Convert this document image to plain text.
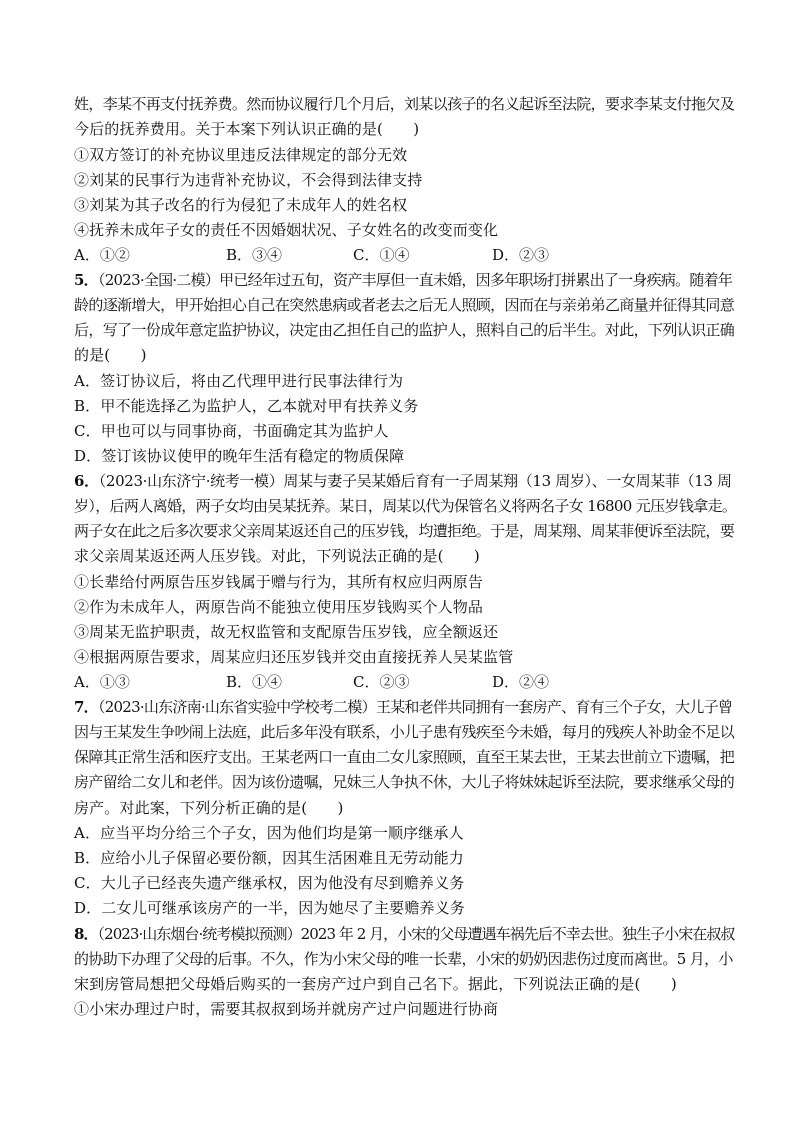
姓，李某不再支付抚养费。然而协议履行几个月后，刘某以孩子的名义起诉至法院，要求李某支付拖欠及
今后的抚养费用。关于本案下列认识正确的是(　　)
①双方签订的补充协议里违反法律规定的部分无效
②刘某的民事行为违背补充协议，不会得到法律支持
③刘某为其子改名的行为侵犯了未成年人的姓名权
④抚养未成年子女的责任不因婚姻状况、子女姓名的改变而变化
A．①②	B．③④	C．①④	D．②③
5．（2023·全国·二模）甲已经年过五旬，资产丰厚但一直未婚，因多年职场打拼累出了一身疾病。随着年
龄的逐渐增大，甲开始担心自己在突然患病或者老去之后无人照顾，因而在与亲弟弟乙商量并征得其同意
后，写了一份成年意定监护协议，决定由乙担任自己的监护人，照料自己的后半生。对此，下列认识正确
的是(　　)
A．签订协议后，将由乙代理甲进行民事法律行为
B．甲不能选择乙为监护人，乙本就对甲有扶养义务
C．甲也可以与同事协商，书面确定其为监护人
D．签订该协议使甲的晚年生活有稳定的物质保障
6．（2023·山东济宁·统考一模）周某与妻子吴某婚后育有一子周某翔（13 周岁）、一女周某菲（13 周
岁），后两人离婚，两子女均由吴某抚养。某日，周某以代为保管名义将两名子女 16800 元压岁钱拿走。
两子女在此之后多次要求父亲周某返还自己的压岁钱，均遭拒绝。于是，周某翔、周某菲便诉至法院，要
求父亲周某返还两人压岁钱。对此，下列说法正确的是(　　)
①长辈给付两原告压岁钱属于赠与行为，其所有权应归两原告
②作为未成年人，两原告尚不能独立使用压岁钱购买个人物品
③周某无监护职责，故无权监管和支配原告压岁钱，应全额返还
④根据两原告要求，周某应归还压岁钱并交由直接抚养人吴某监管
A．①③	B．①④	C．②③	D．②④
7．（2023·山东济南·山东省实验中学校考二模）王某和老伴共同拥有一套房产、育有三个子女，大儿子曾
因与王某发生争吵闹上法庭，此后多年没有联系，小儿子患有残疾至今未婚，每月的残疾人补助金不足以
保障其正常生活和医疗支出。王某老两口一直由二女儿家照顾，直至王某去世，王某去世前立下遗嘱，把
房产留给二女儿和老伴。因为该份遗嘱，兄妹三人争执不休，大儿子将妹妹起诉至法院，要求继承父母的
房产。对此案，下列分析正确的是(　　)
A．应当平均分给三个子女，因为他们均是第一顺序继承人
B．应给小儿子保留必要份额，因其生活困难且无劳动能力
C．大儿子已经丧失遗产继承权，因为他没有尽到赡养义务
D．二女儿可继承该房产的一半，因为她尽了主要赡养义务
8．（2023·山东烟台·统考模拟预测）2023 年 2 月，小宋的父母遭遇车祸先后不幸去世。独生子小宋在叔叔
的协助下办理了父母的后事。不久，作为小宋父母的唯一长辈，小宋的奶奶因悲伤过度而离世。5 月，小
宋到房管局想把父母婚后购买的一套房产过户到自己名下。据此，下列说法正确的是(　　)
①小宋办理过户时，需要其叔叔到场并就房产过户问题进行协商
